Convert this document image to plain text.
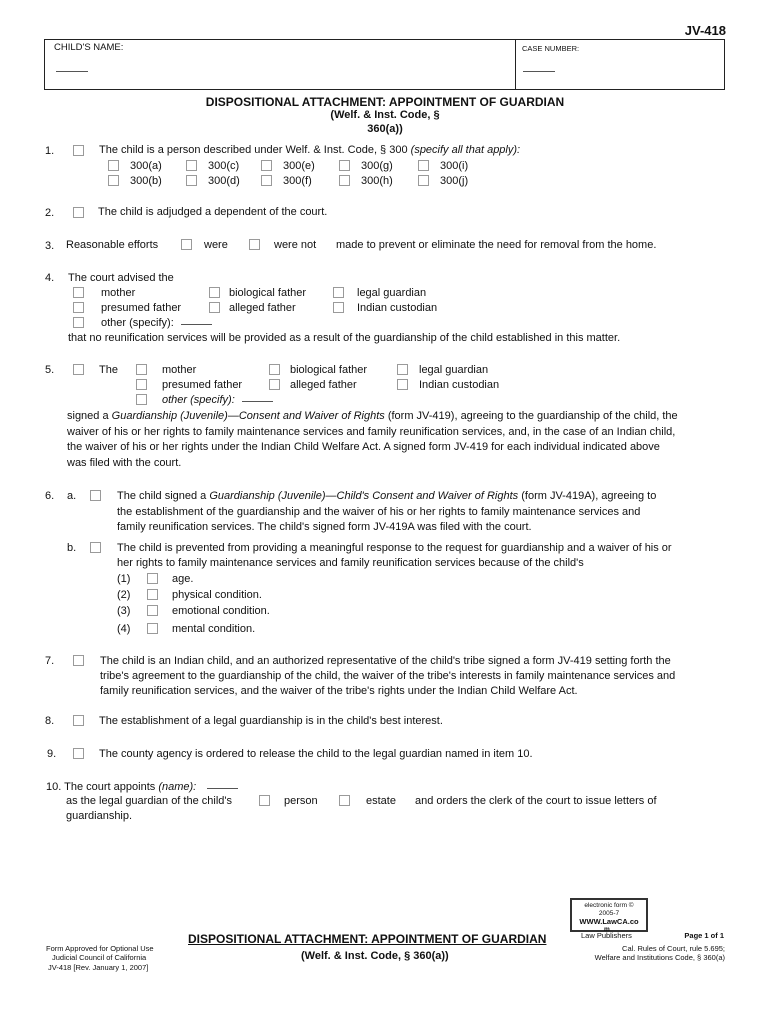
JV-418
CHILD'S NAME:	CASE NUMBER:
DISPOSITIONAL ATTACHMENT: APPOINTMENT OF GUARDIAN
(Welf. & Inst. Code, §
360(a))
1.	The child is a person described under Welf. & Inst. Code, § 300 (specify all that apply):
300(a)	300(c)	300(e)	300(g)	300(i)
300(b)	300(d)	300(f)	300(h)	300(j)
2.	The child is adjudged a dependent of the court.
3. Reasonable efforts	were	were not made to prevent or eliminate the need for removal from the home.
4. The court advised the
mother	biological father	legal guardian
presumed father	alleged father	Indian custodian
other (specify):
that no reunification services will be provided as a result of the guardianship of the child established in this matter.
5.	The	mother	biological father	legal guardian
presumed father	alleged father	Indian custodian
other (specify):
signed a Guardianship (Juvenile)—Consent and Waiver of Rights (form JV-419), agreeing to the guardianship of the child, the
waiver of his or her rights to family maintenance services and family reunification services, and, in the case of an Indian child,
the waiver of his or her rights under the Indian Child Welfare Act. A signed form JV-419 for each individual indicated above
was filed with the court.
6. a.	The child signed a Guardianship (Juvenile)—Child's Consent and Waiver of Rights (form JV-419A), agreeing to
the establishment of the guardianship and the waiver of his or her rights to family maintenance services and
family reunification services. The child's signed form JV-419A was filed with the court.
b.	The child is prevented from providing a meaningful response to the request for guardianship and a waiver of his or
her rights to family maintenance services and family reunification services because of the child's
(1)	age.
(2)	physical condition.
(3)	emotional condition.
(4)	mental condition.
7.	The child is an Indian child, and an authorized representative of the child's tribe signed a form JV-419 setting forth the
tribe's agreement to the guardianship of the child, the waiver of the tribe's interests in family maintenance services and
family reunification services, and the waiver of the tribe's rights under the Indian Child Welfare Act.
8.	The establishment of a legal guardianship is in the child's best interest.
9.	The county agency is ordered to release the child to the legal guardian named in item 10.
10. The court appoints (name):
as the legal guardian of the child's	person	estate and orders the clerk of the court to issue letters of
guardianship.
electronic form ©
2005-7
WWW.LawCA.co
m
Law Publishers
Form Approved for Optional Use
Judicial Council of California
JV-418 [Rev. January 1, 2007]
DISPOSITIONAL ATTACHMENT: APPOINTMENT OF GUARDIAN
(Welf. & Inst. Code, § 360(a))
Page 1 of 1
Cal. Rules of Court, rule 5.695;
Welfare and Institutions Code, § 360(a)
